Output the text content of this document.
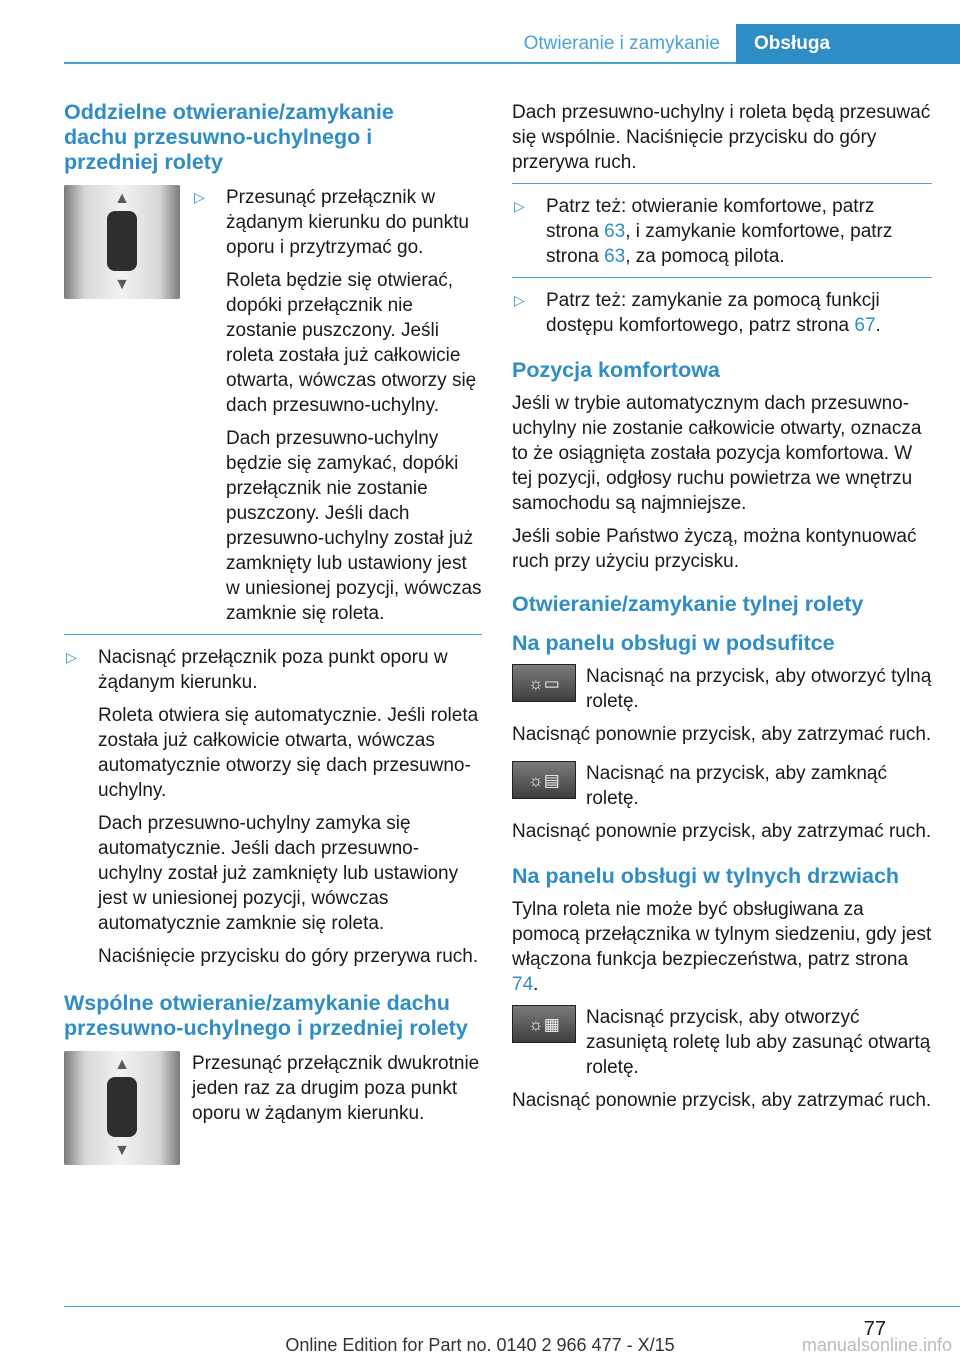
Otwieranie i zamykanie	Obsługa
Oddzielne otwieranie/zamykanie dachu przesuwno-uchylnego i przedniej rolety
▲
▼
▷ Przesunąć przełącznik w żądanym kierunku do punktu oporu i przytrzymać go.
Roleta będzie się otwierać, dopóki przełącznik nie zostanie puszczony. Jeśli roleta została już całkowicie otwarta, wówczas otworzy się dach przesuwno-uchylny.
Dach przesuwno-uchylny będzie się zamykać, dopóki przełącznik nie zostanie puszczony. Jeśli dach przesuwno-uchylny został już zamknięty lub ustawiony jest w uniesionej pozycji, wówczas zamknie się roleta.
▷ Nacisnąć przełącznik poza punkt oporu w żądanym kierunku.
Roleta otwiera się automatycznie. Jeśli roleta została już całkowicie otwarta, wówczas automatycznie otworzy się dach przesuwno-uchylny.
Dach przesuwno-uchylny zamyka się automatycznie. Jeśli dach przesuwno-uchylny został już zamknięty lub ustawiony jest w uniesionej pozycji, wówczas automatycznie zamknie się roleta.
Naciśnięcie przycisku do góry przerywa ruch.
Wspólne otwieranie/zamykanie dachu przesuwno-uchylnego i przedniej rolety
▲
▼

Przesunąć przełącznik dwukrotnie jeden raz za drugim poza punkt oporu w żądanym kierunku.

Dach przesuwno-uchylny i roleta będą przesuwać się wspólnie. Naciśnięcie przycisku do góry przerywa ruch.

▷ Patrz też: otwieranie komfortowe, patrz strona 63, i zamykanie komfortowe, patrz strona 63, za pomocą pilota.
▷ Patrz też: zamykanie za pomocą funkcji dostępu komfortowego, patrz strona 67.
Pozycja komfortowa

Jeśli w trybie automatycznym dach przesuwno-uchylny nie zostanie całkowicie otwarty, oznacza to że osiągnięta została pozycja komfortowa. W tej pozycji, odgłosy ruchu powietrza we wnętrzu samochodu są najmniejsze.

Jeśli sobie Państwo życzą, można kontynuować ruch przy użyciu przycisku.

Otwieranie/zamykanie tylnej rolety
Na panelu obsługi w podsufitce
☼▭	Nacisnąć na przycisk, aby otworzyć tylną roletę.

Nacisnąć ponownie przycisk, aby zatrzymać ruch.

☼▤	Nacisnąć na przycisk, aby zamknąć roletę.

Nacisnąć ponownie przycisk, aby zatrzymać ruch.

Na panelu obsługi w tylnych drzwiach

Tylna roleta nie może być obsługiwana za pomocą przełącznika w tylnym siedzeniu, gdy jest włączona funkcja bezpieczeństwa, patrz strona 74.

☼▦	Nacisnąć przycisk, aby otworzyć zasuniętą roletę lub aby zasunąć otwartą roletę.

Nacisnąć ponownie przycisk, aby zatrzymać ruch.

77
Online Edition for Part no. 0140 2 966 477 - X/15	manualsonline.info
